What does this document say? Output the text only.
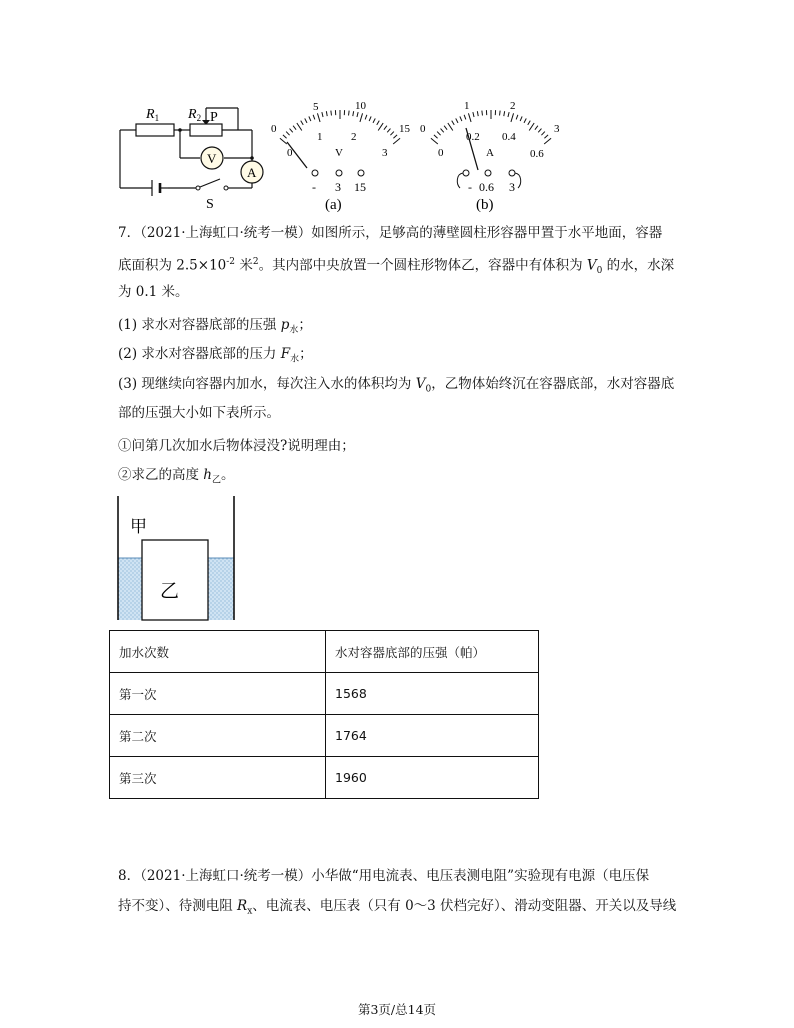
$R_1$ $R_2$ P
V
A
S
0
5	10
15
0
1	2
3
V
- 3 15
(a)
0
1	2
3
0
0.2 0.4
0.6
A
- 0.6 3
(b)
7．（2021·上海虹口·统考一模）如图所示，足够高的薄壁圆柱形容器甲置于水平地面，容器
底面积为 $2.5\times 10^{-2}$ 米$^2$。其内部中央放置一个圆柱形物体乙，容器中有体积为 $V_0$ 的水，水深
为 0.1 米。
(1) 求水对容器底部的压强 $p_水$；
(2) 求水对容器底部的压力 $F_水$；
(3) 现继续向容器内加水，每次注入水的体积均为 $V_0$，乙物体始终沉在容器底部，水对容器底
部的压强大小如下表所示。
①问第几次加水后物体浸没?说明理由；
②求乙的高度 $h_乙$。
甲
乙
加水次数	水对容器底部的压强（帕）
第一次	1568
第二次	1764
第三次	1960
8．（2021·上海虹口·统考一模）小华做“用电流表、电压表测电阻”实验现有电源（电压保
持不变）、待测电阻 $R_x$、电流表、电压表（只有 0～3 伏档完好）、滑动变阻器、开关以及导线
第3页/总14页
